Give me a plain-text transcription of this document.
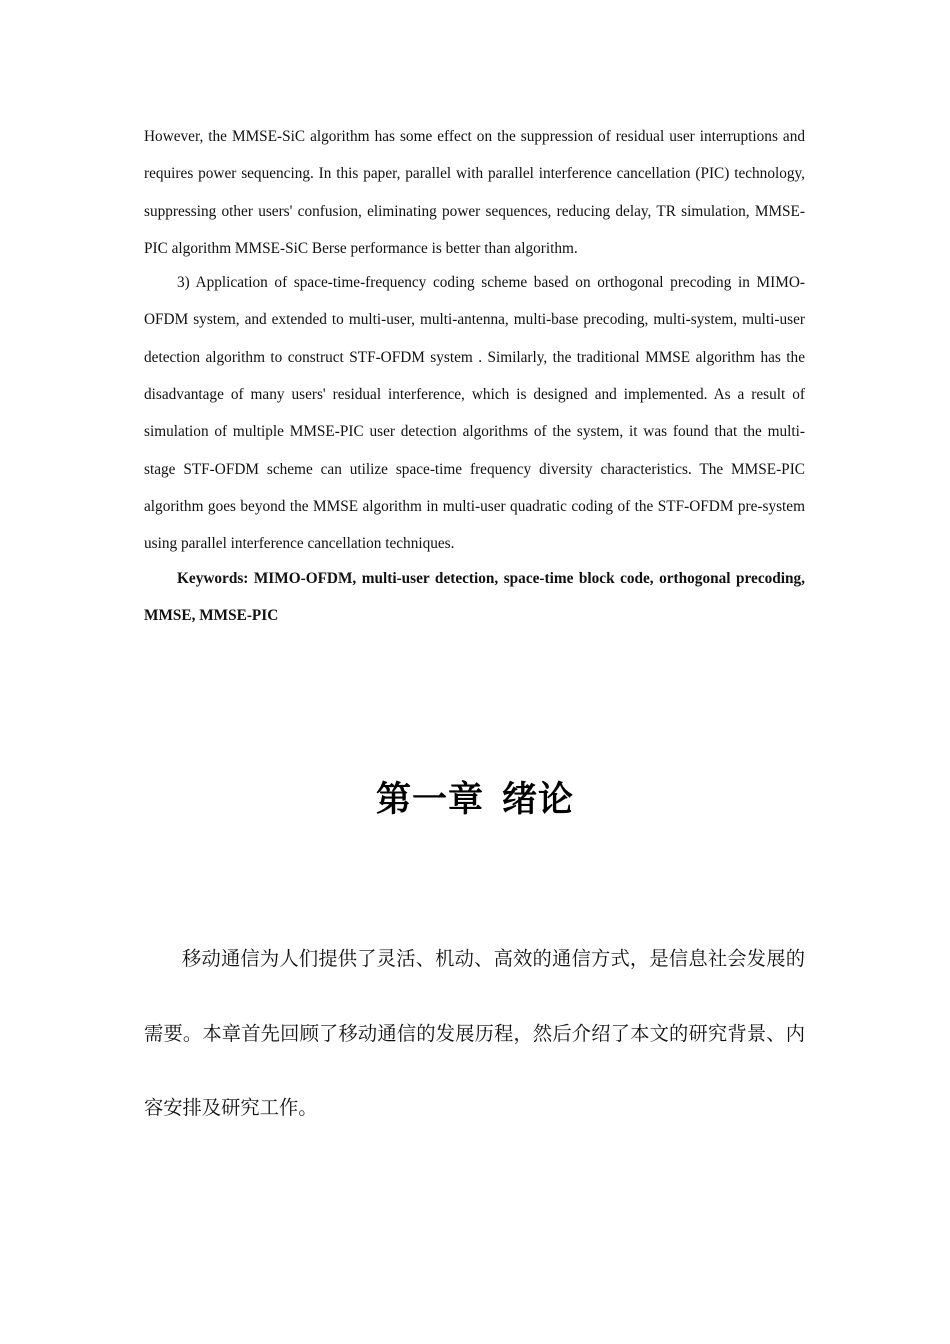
However, the MMSE-SiC algorithm has some effect on the suppression of residual user interruptions and requires power sequencing. In this paper, parallel with parallel interference cancellation (PIC) technology, suppressing other users' confusion, eliminating power sequences, reducing delay, TR simulation, MMSE-PIC algorithm MMSE-SiC Berse performance is better than algorithm.

3) Application of space-time-frequency coding scheme based on orthogonal precoding in MIMO-OFDM system, and extended to multi-user, multi-antenna, multi-base precoding, multi-system, multi-user detection algorithm to construct STF-OFDM system . Similarly, the traditional MMSE algorithm has the disadvantage of many users' residual interference, which is designed and implemented. As a result of simulation of multiple MMSE-PIC user detection algorithms of the system, it was found that the multi-stage STF-OFDM scheme can utilize space-time frequency diversity characteristics. The MMSE-PIC algorithm goes beyond the MMSE algorithm in multi-user quadratic coding of the STF-OFDM pre-system using parallel interference cancellation techniques.

Keywords: MIMO-OFDM, multi-user detection, space-time block code, orthogonal precoding, MMSE, MMSE-PIC

第一章 绪论

移动通信为人们提供了灵活、机动、高效的通信方式，是信息社会发展的需要。本章首先回顾了移动通信的发展历程，然后介绍了本文的研究背景、内容安排及研究工作。
